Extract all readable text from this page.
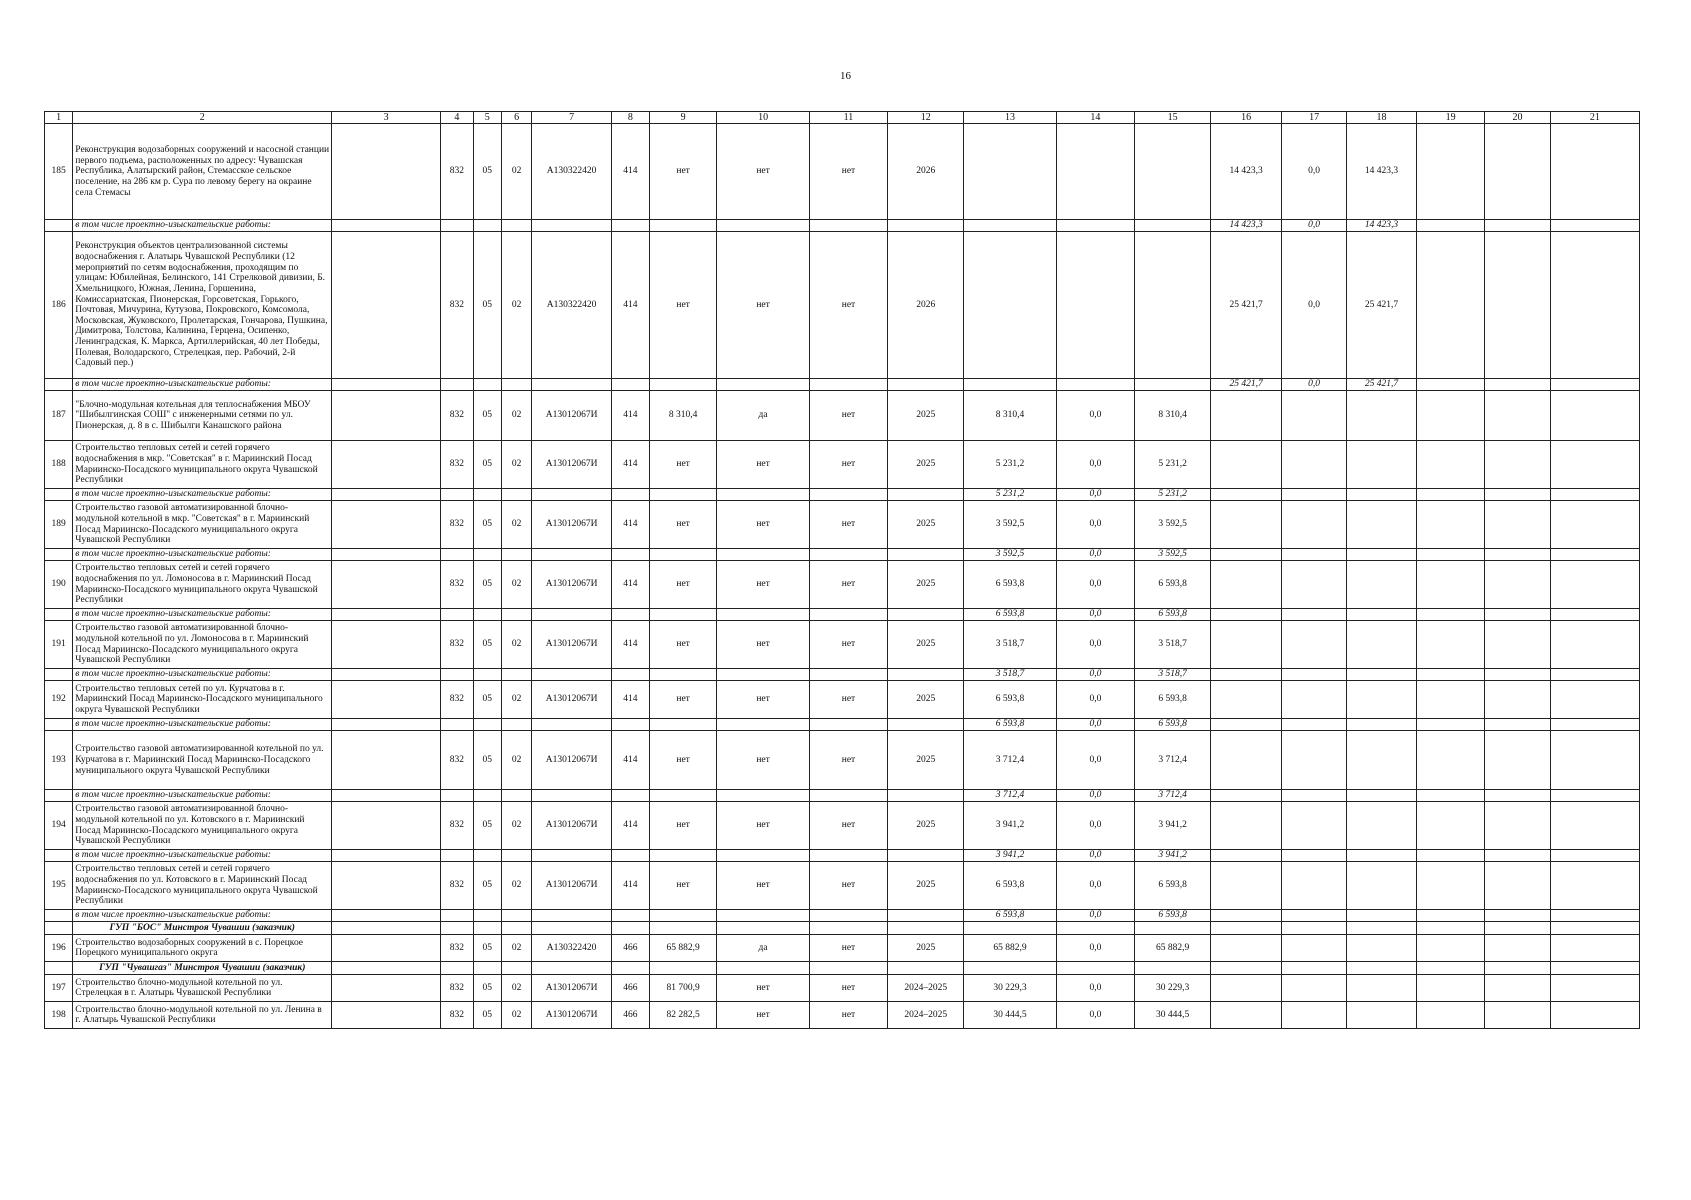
16
1	2	3	4	5	6	7	8	9	10	11	12	13	14	15	16	17	18	19	20	21
185	Реконструкция водозаборных сооружений и насосной станции первого подъема, расположенных по адресу: Чувашская Республика, Алатырский район, Стемасское сельское поселение, на 286 км р. Сура по левому берегу на окраине села Стемасы		832	05	02	А130322420	414	нет	нет	нет	2026				14 423,3	0,0	14 423,3			
	в том числе проектно-изыскательские работы:														14 423,3	0,0	14 423,3			
186	Реконструкция объектов централизованной системы водоснабжения г. Алатырь Чувашской Республики (12 мероприятий по сетям водоснабжения, проходящим по улицам: Юбилейная, Белинского, 141 Стрелковой дивизии, Б. Хмельницкого, Южная, Ленина, Горшенина, Комиссариатская, Пионерская, Горсоветская, Горького, Почтовая, Мичурина, Кутузова, Покровского, Комсомола, Московская, Жуковского, Пролетарская, Гончарова, Пушкина, Димитрова, Толстова, Калинина, Герцена, Осипенко, Ленинградская, К. Маркса, Артиллерийская, 40 лет Победы, Полевая, Володарского, Стрелецкая, пер. Рабочий, 2-й Садовый пер.)		832	05	02	А130322420	414	нет	нет	нет	2026				25 421,7	0,0	25 421,7			
	в том числе проектно-изыскательские работы:														25 421,7	0,0	25 421,7			
187	"Блочно-модульная котельная для теплоснабжения МБОУ "Шибылгинская СОШ" с инженерными сетями по ул. Пионерская, д. 8 в с. Шибылги Канашского района		832	05	02	А13012067И	414	8 310,4	да	нет	2025	8 310,4	0,0	8 310,4						
188	Строительство тепловых сетей и сетей горячего водоснабжения в мкр. "Советская" в г. Мариинский Посад Мариинско-Посадского муниципального округа Чувашской Республики		832	05	02	А13012067И	414	нет	нет	нет	2025	5 231,2	0,0	5 231,2						
	в том числе проектно-изыскательские работы:											5 231,2	0,0	5 231,2						
189	Строительство газовой автоматизированной блочно-модульной котельной в мкр. "Советская" в г. Мариинский Посад Мариинско-Посадского муниципального округа Чувашской Республики		832	05	02	А13012067И	414	нет	нет	нет	2025	3 592,5	0,0	3 592,5						
	в том числе проектно-изыскательские работы:											3 592,5	0,0	3 592,5						
190	Строительство тепловых сетей и сетей горячего водоснабжения по ул. Ломоносова в г. Мариинский Посад Мариинско-Посадского муниципального округа Чувашской Республики		832	05	02	А13012067И	414	нет	нет	нет	2025	6 593,8	0,0	6 593,8						
	в том числе проектно-изыскательские работы:											6 593,8	0,0	6 593,8						
191	Строительство газовой автоматизированной блочно-модульной котельной по ул. Ломоносова в г. Мариинский Посад Мариинско-Посадского муниципального округа Чувашской Республики		832	05	02	А13012067И	414	нет	нет	нет	2025	3 518,7	0,0	3 518,7						
	в том числе проектно-изыскательские работы:											3 518,7	0,0	3 518,7						
192	Строительство тепловых сетей по ул. Курчатова в г. Мариинский Посад Мариинско-Посадского муниципального округа Чувашской Республики		832	05	02	А13012067И	414	нет	нет	нет	2025	6 593,8	0,0	6 593,8						
	в том числе проектно-изыскательские работы:											6 593,8	0,0	6 593,8						
193	Строительство газовой автоматизированной котельной по ул. Курчатова в г. Мариинский Посад Мариинско-Посадского муниципального округа Чувашской Республики		832	05	02	А13012067И	414	нет	нет	нет	2025	3 712,4	0,0	3 712,4						
	в том числе проектно-изыскательские работы:											3 712,4	0,0	3 712,4						
194	Строительство газовой автоматизированной блочно-модульной котельной по ул. Котовского в г. Мариинский Посад Мариинско-Посадского муниципального округа Чувашской Республики		832	05	02	А13012067И	414	нет	нет	нет	2025	3 941,2	0,0	3 941,2						
	в том числе проектно-изыскательские работы:											3 941,2	0,0	3 941,2						
195	Строительство тепловых сетей и сетей горячего водоснабжения по ул. Котовского в г. Мариинский Посад Мариинско-Посадского муниципального округа Чувашской Республики		832	05	02	А13012067И	414	нет	нет	нет	2025	6 593,8	0,0	6 593,8						
	в том числе проектно-изыскательские работы:											6 593,8	0,0	6 593,8						
	ГУП "БОС" Минстроя Чувашии (заказчик)																			
196	Строительство водозаборных сооружений в с. Порецкое Порецкого муниципального округа		832	05	02	А130322420	466	65 882,9	да	нет	2025	65 882,9	0,0	65 882,9						
	ГУП "Чувашгаз" Минстроя Чувашии (заказчик)																			
197	Строительство блочно-модульной котельной по ул. Стрелецкая в г. Алатырь Чувашской Республики		832	05	02	А13012067И	466	81 700,9	нет	нет	2024–2025	30 229,3	0,0	30 229,3						
198	Строительство блочно-модульной котельной по ул. Ленина в г. Алатырь Чувашской Республики		832	05	02	А13012067И	466	82 282,5	нет	нет	2024–2025	30 444,5	0,0	30 444,5						
